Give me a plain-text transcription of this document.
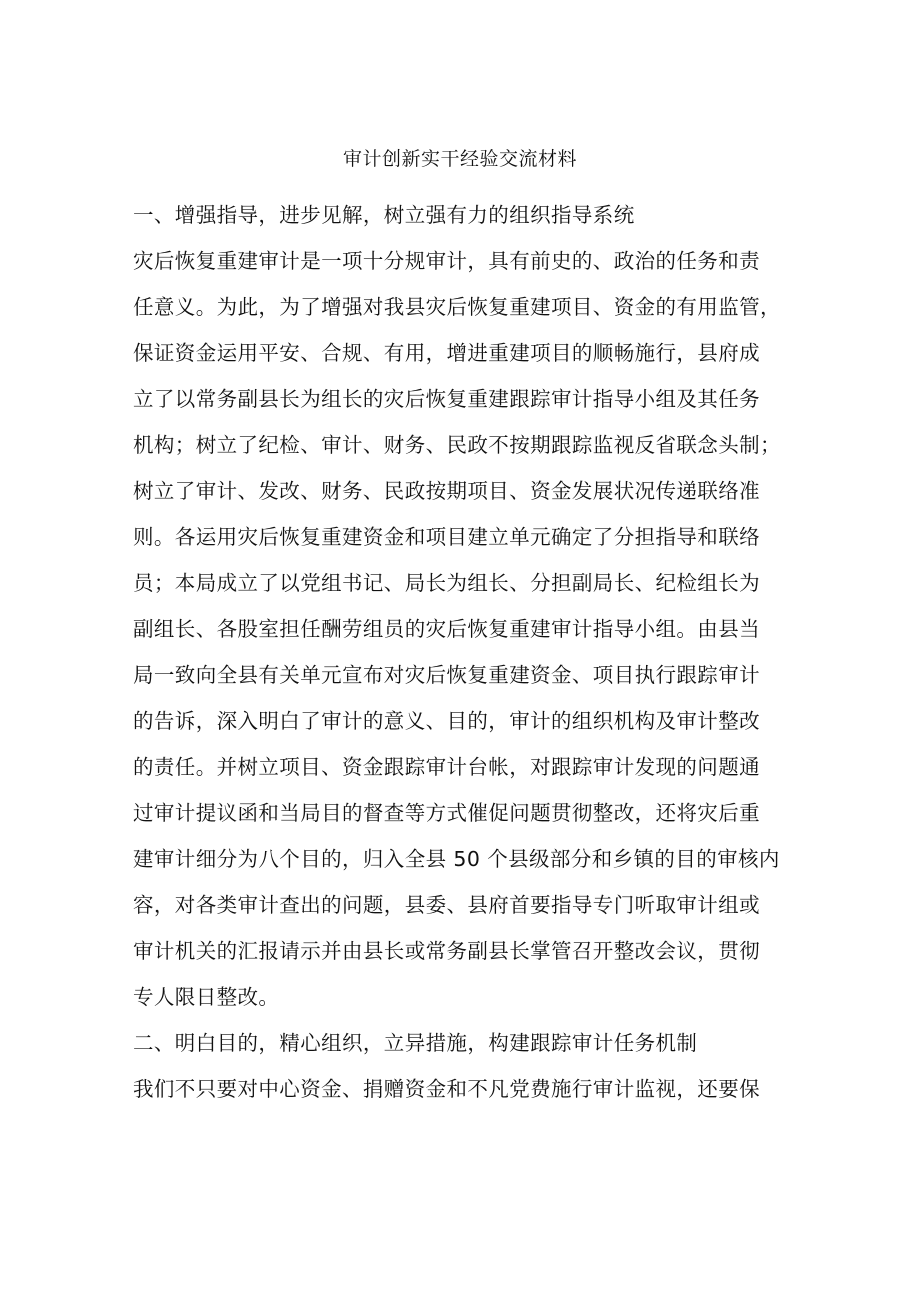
审计创新实干经验交流材料
一、增强指导，进步见解，树立强有力的组织指导系统
灾后恢复重建审计是一项十分规审计，具有前史的、政治的任务和责
任意义。为此，为了增强对我县灾后恢复重建项目、资金的有用监管，
保证资金运用平安、合规、有用，增进重建项目的顺畅施行，县府成
立了以常务副县长为组长的灾后恢复重建跟踪审计指导小组及其任务
机构；树立了纪检、审计、财务、民政不按期跟踪监视反省联念头制；
树立了审计、发改、财务、民政按期项目、资金发展状况传递联络准
则。各运用灾后恢复重建资金和项目建立单元确定了分担指导和联络
员；本局成立了以党组书记、局长为组长、分担副局长、纪检组长为
副组长、各股室担任酬劳组员的灾后恢复重建审计指导小组。由县当
局一致向全县有关单元宣布对灾后恢复重建资金、项目执行跟踪审计
的告诉，深入明白了审计的意义、目的，审计的组织机构及审计整改
的责任。并树立项目、资金跟踪审计台帐，对跟踪审计发现的问题通
过审计提议函和当局目的督查等方式催促问题贯彻整改，还将灾后重
建审计细分为八个目的，归入全县 50 个县级部分和乡镇的目的审核内
容，对各类审计查出的问题，县委、县府首要指导专门听取审计组或
审计机关的汇报请示并由县长或常务副县长掌管召开整改会议，贯彻
专人限日整改。
二、明白目的，精心组织，立异措施，构建跟踪审计任务机制
我们不只要对中心资金、捐赠资金和不凡党费施行审计监视，还要保
